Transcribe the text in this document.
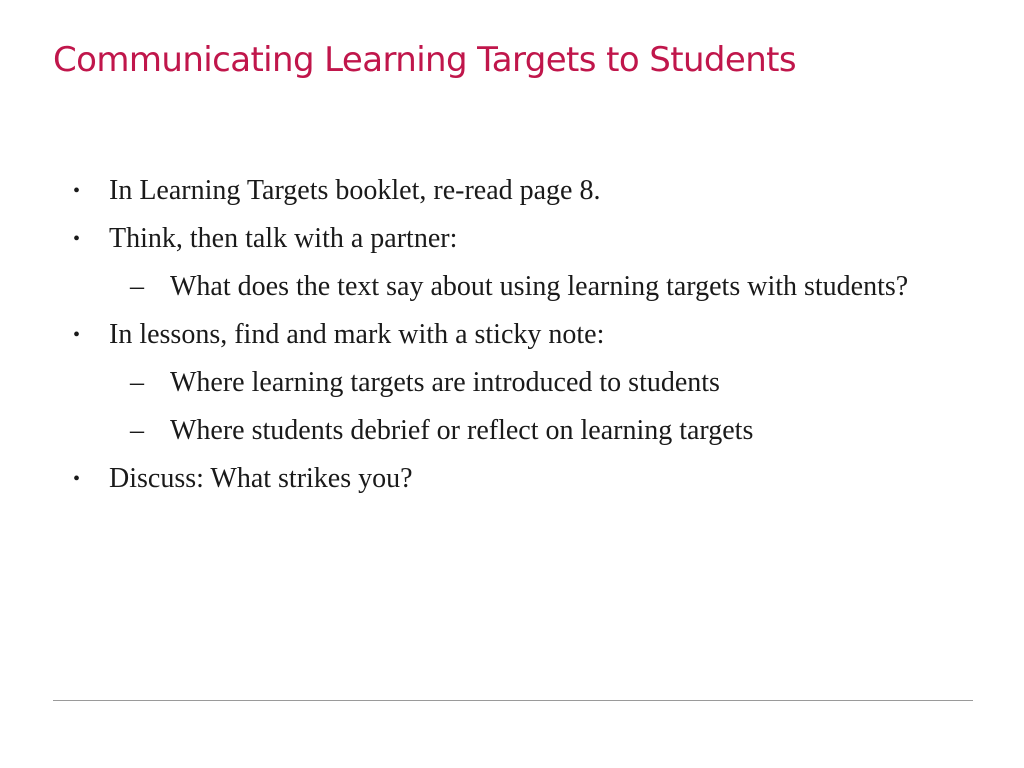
Communicating Learning Targets to Students
• In Learning Targets booklet, re-read page 8.
• Think, then talk with a partner:
– What does the text say about using learning targets with students?
• In lessons, find and mark with a sticky note:
– Where learning targets are introduced to students
– Where students debrief or reflect on learning targets
• Discuss: What strikes you?
